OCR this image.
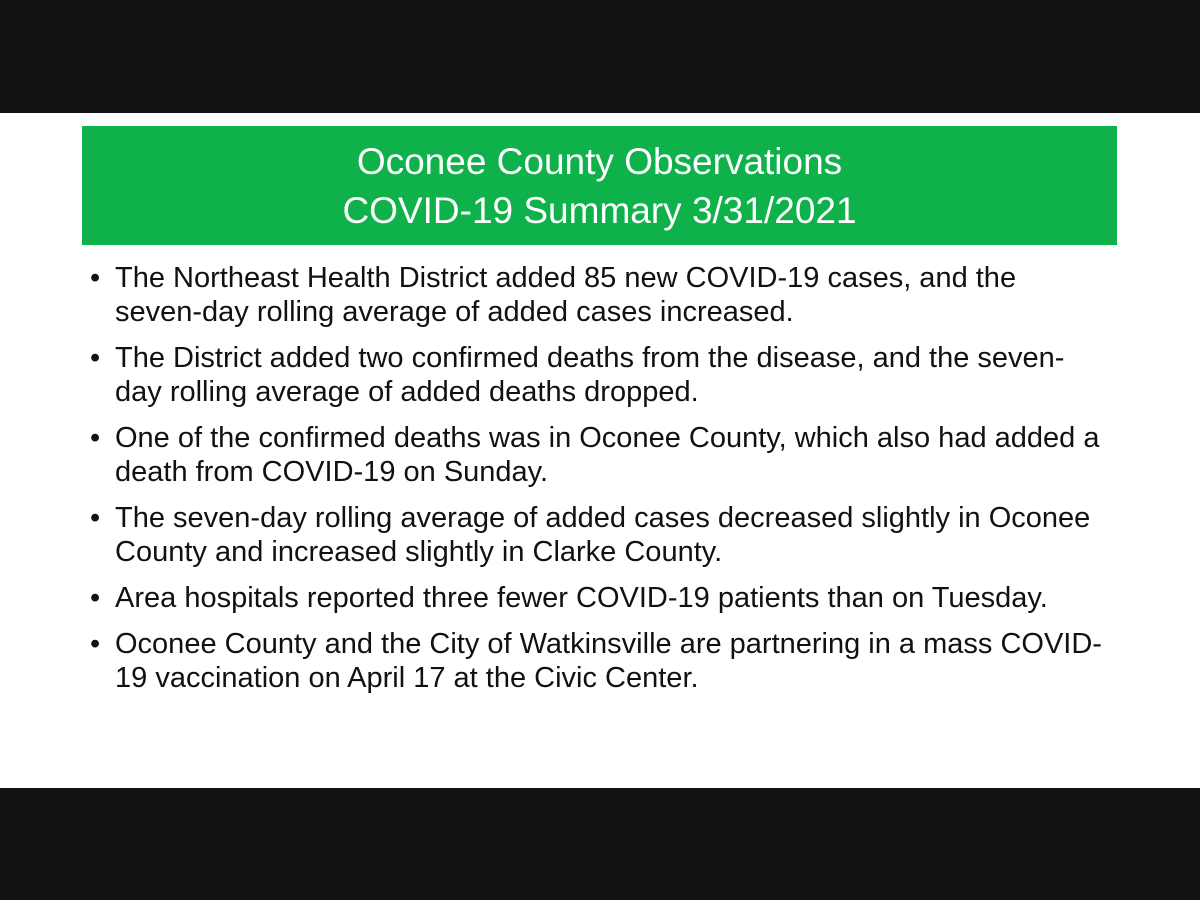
Oconee County Observations
COVID-19 Summary 3/31/2021
• The Northeast Health District added 85 new COVID-19 cases, and the seven-day rolling average of added cases increased.
• The District added two confirmed deaths from the disease, and the seven-day rolling average of added deaths dropped.
• One of the confirmed deaths was in Oconee County, which also had added a death from COVID-19 on Sunday.
• The seven-day rolling average of added cases decreased slightly in Oconee County and increased slightly in Clarke County.
• Area hospitals reported three fewer COVID-19 patients than on Tuesday.
• Oconee County and the City of Watkinsville are partnering in a mass COVID-19 vaccination on April 17 at the Civic Center.
